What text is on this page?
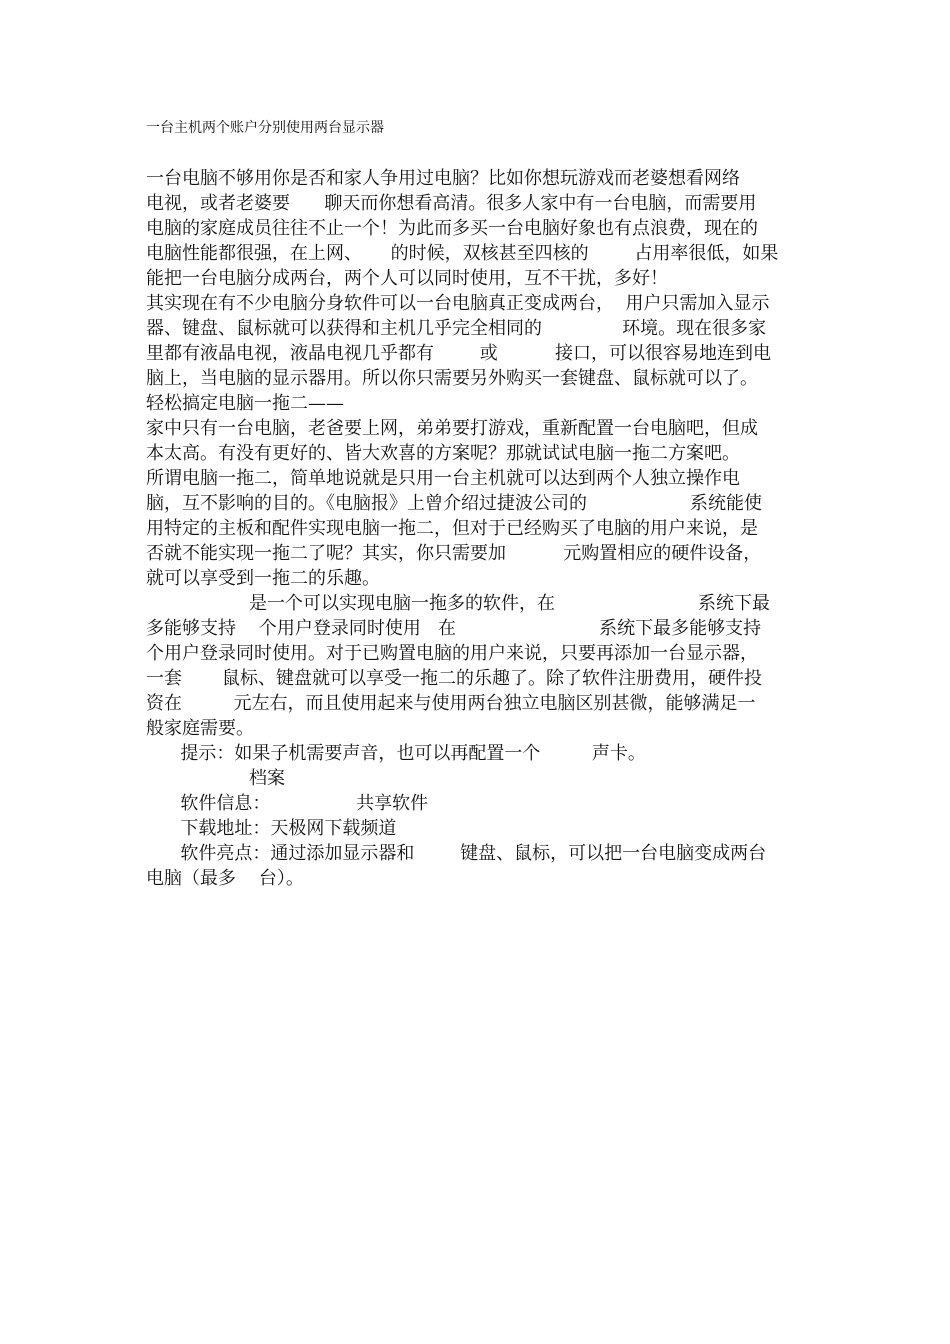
一台主机两个账户分别使用两台显示器
一台电脑不够用你是否和家人争用过电脑？比如你想玩游戏而老婆想看网络
电视，或者老婆要      聊天而你想看高清。很多人家中有一台电脑，而需要用
电脑的家庭成员往往不止一个！为此而多买一台电脑好象也有点浪费，现在的
电脑性能都很强，在上网、     的时候，双核甚至四核的        占用率很低，如果
能把一台电脑分成两台，两个人可以同时使用，互不干扰，多好！
其实现在有不少电脑分身软件可以一台电脑真正变成两台，  用户只需加入显示
器、键盘、鼠标就可以获得和主机几乎完全相同的              环境。现在很多家
里都有液晶电视，液晶电视几乎都有        或          接口，可以很容易地连到电
脑上，当电脑的显示器用。所以你只需要另外购买一套键盘、鼠标就可以了。
轻松搞定电脑一拖二——
家中只有一台电脑，老爸要上网，弟弟要打游戏，重新配置一台电脑吧，但成
本太高。有没有更好的、皆大欢喜的方案呢？那就试试电脑一拖二方案吧。
所谓电脑一拖二，简单地说就是只用一台主机就可以达到两个人独立操作电
脑，互不影响的目的。《电脑报》上曾介绍过捷波公司的                  系统能使
用特定的主板和配件实现电脑一拖二，但对于已经购买了电脑的用户来说，是
否就不能实现一拖二了呢？其实，你只需要加          元购置相应的硬件设备，
就可以享受到一拖二的乐趣。
是一个可以实现电脑一拖多的软件，在                         系统下最
多能够支持    个用户登录同时使用   在                         系统下最多能够支持
个用户登录同时使用。对于已购置电脑的用户来说，只要再添加一台显示器，
一套       鼠标、键盘就可以享受一拖二的乐趣了。除了软件注册费用，硬件投
资在         元左右，而且使用起来与使用两台独立电脑区别甚微，能够满足一
般家庭需要。
提示：如果子机需要声音，也可以再配置一个         声卡。
档案
软件信息：               共享软件
下载地址：天极网下载频道
软件亮点：通过添加显示器和        键盘、鼠标，可以把一台电脑变成两台
电脑（最多    台）。
